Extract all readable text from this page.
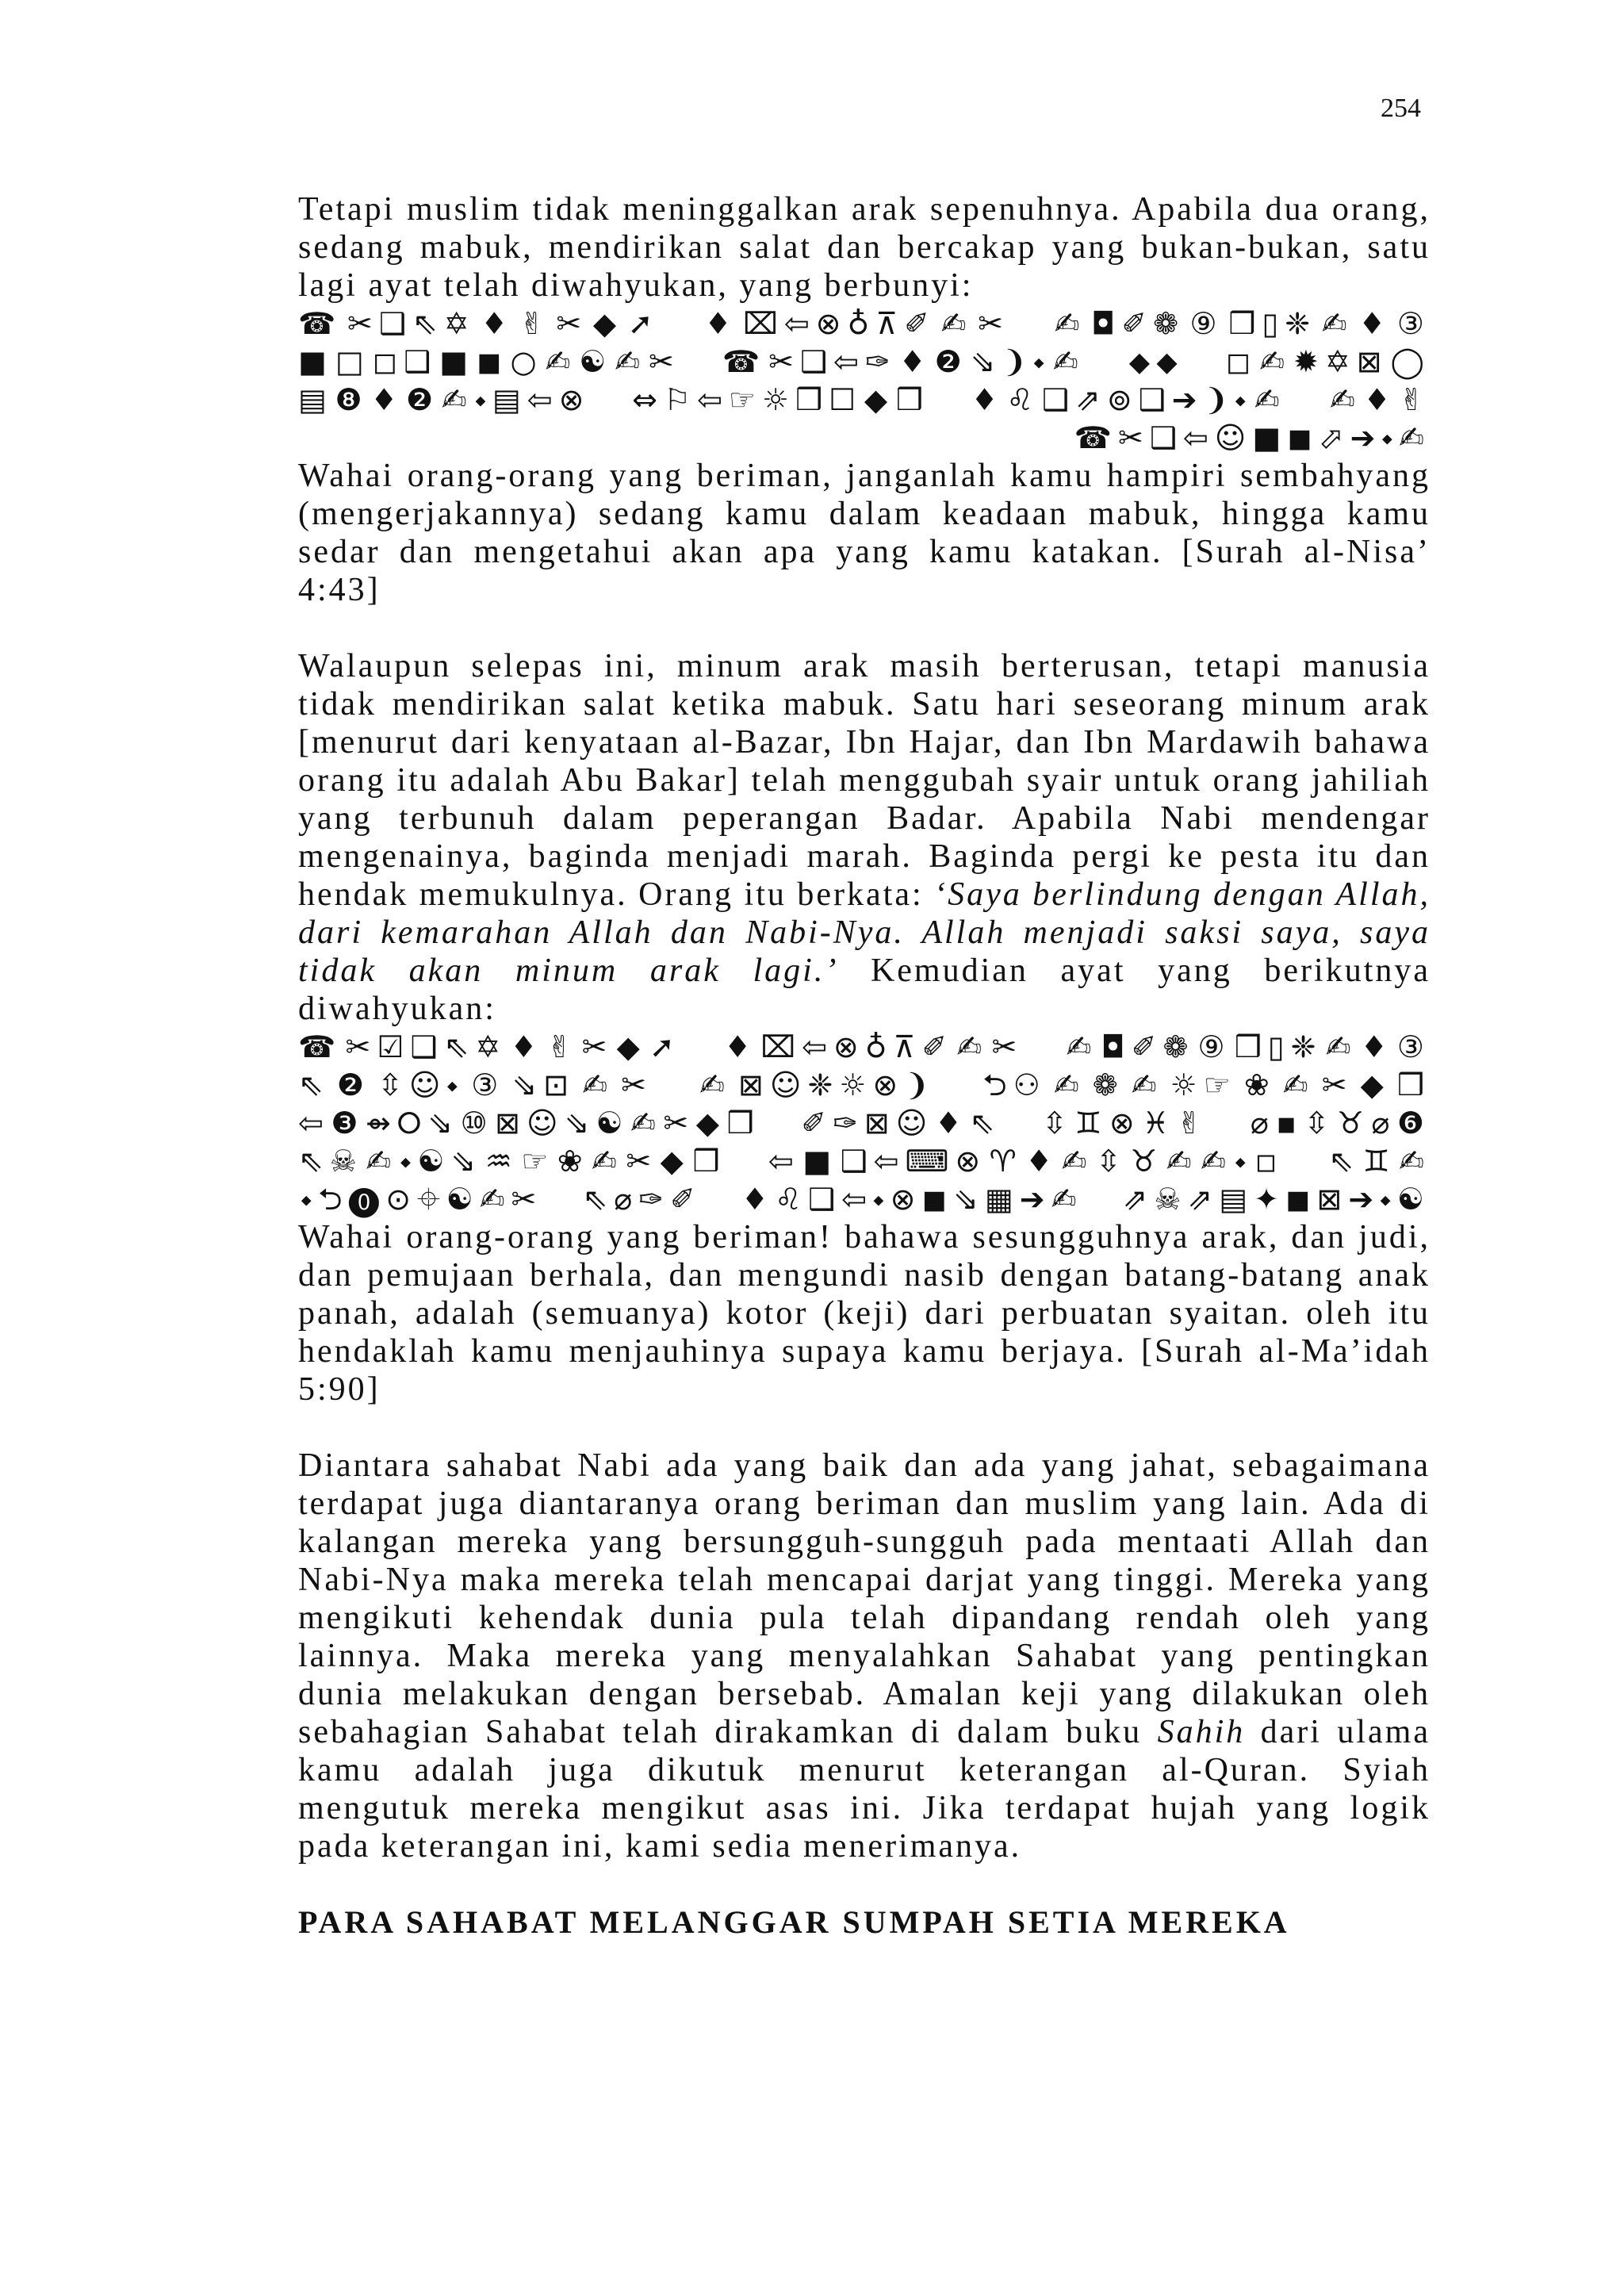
254

Tetapi muslim tidak meninggalkan arak sepenuhnya. Apabila dua orang, sedang mabuk, mendirikan salat dan bercakap yang bukan-bukan, satu lagi ayat telah diwahyukan, yang berbunyi:

☎✂❑⇖✡♦✌✂◆➚ ♦⌧⇦⊗♁⊼✐✍✂ ✍◘✐❁⑨❒▯❈✍♦③ ■□◻❑■◼○✍☯✍✂ ☎✂❑⇦✑♦❷⇘❩⬩✍ ⬥⬥ ◻✍✹✡⊠◯ ▤❽♦❷✍⬩▤⇦⊗ ⇔⚐⇦☞☼❒☐◆❒ ♦♌❑⇗⊚❑➔❩⬩✍ ✍♦✌ ☎✂❑⇦☺■◼⬀➔⬩✍

Wahai orang-orang yang beriman, janganlah kamu hampiri sembahyang (mengerjakannya) sedang kamu dalam keadaan mabuk, hingga kamu sedar dan mengetahui akan apa yang kamu katakan. [Surah al-Nisa’ 4:43]

Walaupun selepas ini, minum arak masih berterusan, tetapi manusia tidak mendirikan salat ketika mabuk. Satu hari seseorang minum arak [menurut dari kenyataan al-Bazar, Ibn Hajar, dan Ibn Mardawih bahawa orang itu adalah Abu Bakar] telah menggubah syair untuk orang jahiliah yang terbunuh dalam peperangan Badar. Apabila Nabi mendengar mengenainya, baginda menjadi marah. Baginda pergi ke pesta itu dan hendak memukulnya. Orang itu berkata: ‘Saya berlindung dengan Allah, dari kemarahan Allah dan Nabi-Nya. Allah menjadi saksi saya, saya tidak akan minum arak lagi.’ Kemudian ayat yang berikutnya diwahyukan:

☎✂☑❑⇖✡♦✌✂◆➚ ♦⌧⇦⊗♁⊼✐✍✂ ✍◘✐❁⑨❒▯❈✍♦③ ⇖❷⇳☺⬩③⇘⊡✍✂ ✍⊠☺❈☼⊗❩ ⮌⚇✍❁✍☼☞❀✍✂◆❒ ⇦❸⇴⭘⇘⑩⊠☺⇘☯✍✂◆❒ ✐✑⊠☺♦⇖ ⇳♊⊗♓✌ ⌀▪⇳♉⌀❻ ⇖☠✍⬩☯⇘♒☞❀✍✂◆❒ ⇦■❑⇦⌨⊗♈♦✍⇳♉✍✍⬩◽ ⇖♊✍⬩⮌⓿⊙⌖☯✍✂ ⇖⌀✑✐ ♦♌❑⇦⬩⊗◼⇘▦➔✍ ⇗☠⇗▤✦◼⊠➔⬩☯

Wahai orang-orang yang beriman! bahawa sesungguhnya arak, dan judi, dan pemujaan berhala, dan mengundi nasib dengan batang-batang anak panah, adalah (semuanya) kotor (keji) dari perbuatan syaitan. oleh itu hendaklah kamu menjauhinya supaya kamu berjaya. [Surah al-Ma’idah 5:90]

Diantara sahabat Nabi ada yang baik dan ada yang jahat, sebagaimana terdapat juga diantaranya orang beriman dan muslim yang lain. Ada di kalangan mereka yang bersungguh-sungguh pada mentaati Allah dan Nabi-Nya maka mereka telah mencapai darjat yang tinggi. Mereka yang mengikuti kehendak dunia pula telah dipandang rendah oleh yang lainnya. Maka mereka yang menyalahkan Sahabat yang pentingkan dunia melakukan dengan bersebab. Amalan keji yang dilakukan oleh sebahagian Sahabat telah dirakamkan di dalam buku Sahih dari ulama kamu adalah juga dikutuk menurut keterangan al-Quran. Syiah mengutuk mereka mengikut asas ini. Jika terdapat hujah yang logik pada keterangan ini, kami sedia menerimanya.

PARA SAHABAT MELANGGAR SUMPAH SETIA MEREKA
